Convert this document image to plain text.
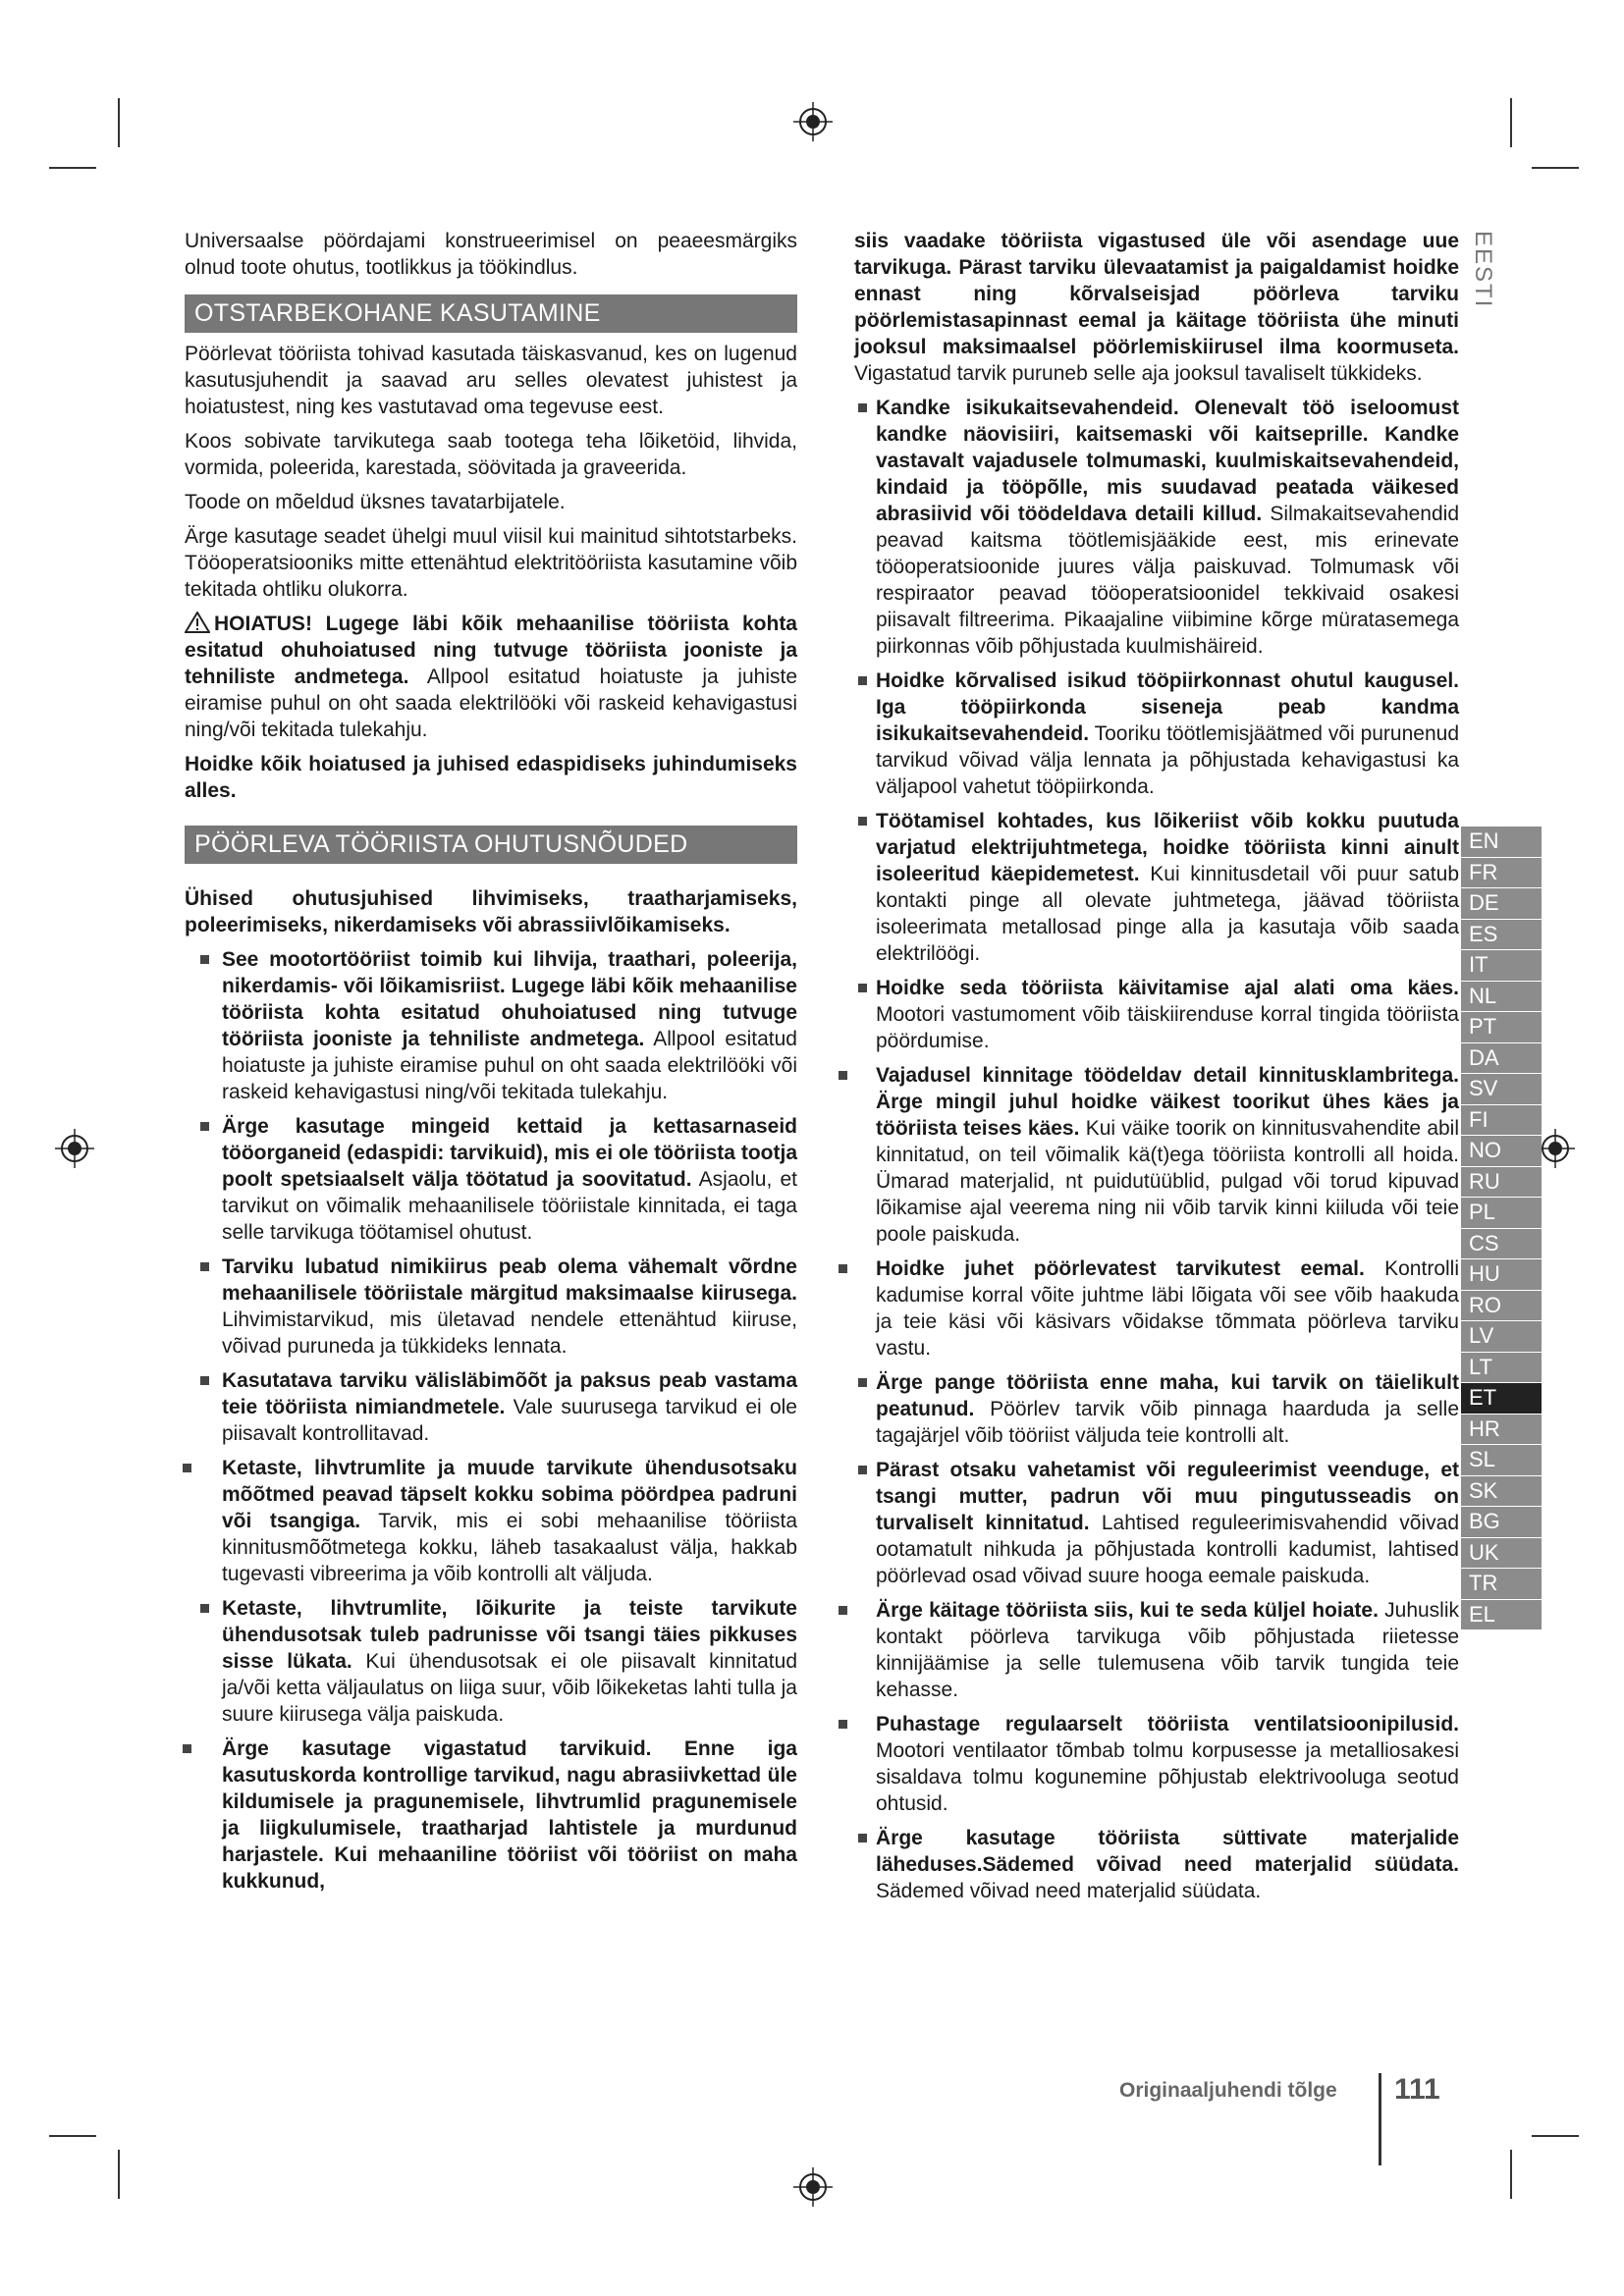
EESTI

Universaalse pöördajami konstrueerimisel on peaeesmärgiks olnud toote ohutus, tootlikkus ja töökindlus.

OTSTARBEKOHANE KASUTAMINE

Pöörlevat tööriista tohivad kasutada täiskasvanud, kes on lugenud kasutusjuhendit ja saavad aru selles olevatest juhistest ja hoiatustest, ning kes vastutavad oma tegevuse eest.

Koos sobivate tarvikutega saab tootega teha lõiketöid, lihvida, vormida, poleerida, karestada, söövitada ja graveerida.

Toode on mõeldud üksnes tavatarbijatele.

Ärge kasutage seadet ühelgi muul viisil kui mainitud sihtotstarbeks. Tööoperatsiooniks mitte ettenähtud elektritööriista kasutamine võib tekitada ohtliku olukorra.

HOIATUS! Lugege läbi kõik mehaanilise tööriista kohta esitatud ohuhoiatused ning tutvuge tööriista jooniste ja tehniliste andmetega. Allpool esitatud hoiatuste ja juhiste eiramise puhul on oht saada elektrilööki või raskeid kehavigastusi ning/või tekitada tulekahju.

Hoidke kõik hoiatused ja juhised edaspidiseks juhindumiseks alles.

PÖÖRLEVA TÖÖRIISTA OHUTUSNÕUDED

Ühised ohutusjuhised lihvimiseks, traatharjamiseks, poleerimiseks, nikerdamiseks või abrassiivlõikamiseks.

See mootortööriist toimib kui lihvija, traathari, poleerija, nikerdamis- või lõikamisriist. Lugege läbi kõik mehaanilise tööriista kohta esitatud ohuhoiatused ning tutvuge tööriista jooniste ja tehniliste andmetega. Allpool esitatud hoiatuste ja juhiste eiramise puhul on oht saada elektrilööki või raskeid kehavigastusi ning/või tekitada tulekahju.
Ärge kasutage mingeid kettaid ja kettasarnaseid tööorganeid (edaspidi: tarvikuid), mis ei ole tööriista tootja poolt spetsiaalselt välja töötatud ja soovitatud. Asjaolu, et tarvikut on võimalik mehaanilisele tööriistale kinnitada, ei taga selle tarvikuga töötamisel ohutust.
Tarviku lubatud nimikiirus peab olema vähemalt võrdne mehaanilisele tööriistale märgitud maksimaalse kiirusega. Lihvimistarvikud, mis ületavad nendele ettenähtud kiiruse, võivad puruneda ja tükkideks lennata.
Kasutatava tarviku välisläbimõõt ja paksus peab vastama teie tööriista nimiandmetele. Vale suurusega tarvikud ei ole piisavalt kontrollitavad.
Ketaste, lihvtrumlite ja muude tarvikute ühendusotsaku mõõtmed peavad täpselt kokku sobima pöördpea padruni või tsangiga. Tarvik, mis ei sobi mehaanilise tööriista kinnitusmõõtmetega kokku, läheb tasakaalust välja, hakkab tugevasti vibreerima ja võib kontrolli alt väljuda.
Ketaste, lihvtrumlite, lõikurite ja teiste tarvikute ühendusotsak tuleb padrunisse või tsangi täies pikkuses sisse lükata. Kui ühendusotsak ei ole piisavalt kinnitatud ja/või ketta väljaulatus on liiga suur, võib lõikeketas lahti tulla ja suure kiirusega välja paiskuda.
Ärge kasutage vigastatud tarvikuid. Enne iga kasutuskorda kontrollige tarvikud, nagu abrasiivkettad üle kildumisele ja pragunemisele, lihvtrumlid pragunemisele ja liigkulumisele, traatharjad lahtistele ja murdunud harjastele. Kui mehaaniline tööriist või tööriist on maha kukkunud,

siis vaadake tööriista vigastused üle või asendage uue tarvikuga. Pärast tarviku ülevaatamist ja paigaldamist hoidke ennast ning kõrvalseisjad pöörleva tarviku pöörlemistasapinnast eemal ja käitage tööriista ühe minuti jooksul maksimaalsel pöörlemiskiirusel ilma koormuseta. Vigastatud tarvik puruneb selle aja jooksul tavaliselt tükkideks.

Kandke isikukaitsevahendeid. Olenevalt töö iseloomust kandke näovisiiri, kaitsemaski või kaitseprille. Kandke vastavalt vajadusele tolmumaski, kuulmiskaitsevahendeid, kindaid ja tööpõlle, mis suudavad peatada väikesed abrasiivid või töödeldava detaili killud. Silmakaitsevahendid peavad kaitsma töötlemisjääkide eest, mis erinevate tööoperatsioonide juures välja paiskuvad. Tolmumask või respiraator peavad tööoperatsioonidel tekkivaid osakesi piisavalt filtreerima. Pikaajaline viibimine kõrge müratasemega piirkonnas võib põhjustada kuulmishäireid.
Hoidke kõrvalised isikud tööpiirkonnast ohutul kaugusel. Iga tööpiirkonda siseneja peab kandma isikukaitsevahendeid. Tooriku töötlemisjäätmed või purunenud tarvikud võivad välja lennata ja põhjustada kehavigastusi ka väljapool vahetut tööpiirkonda.
Töötamisel kohtades, kus lõikeriist võib kokku puutuda varjatud elektrijuhtmetega, hoidke tööriista kinni ainult isoleeritud käepidemetest. Kui kinnitusdetail või puur satub kontakti pinge all olevate juhtmetega, jäävad tööriista isoleerimata metallosad pinge alla ja kasutaja võib saada elektrilöögi.
Hoidke seda tööriista käivitamise ajal alati oma käes. Mootori vastumoment võib täiskiirenduse korral tingida tööriista pöördumise.
Vajadusel kinnitage töödeldav detail kinnitusklambritega. Ärge mingil juhul hoidke väikest toorikut ühes käes ja tööriista teises käes. Kui väike toorik on kinnitusvahendite abil kinnitatud, on teil võimalik kä(t)ega tööriista kontrolli all hoida. Ümarad materjalid, nt puidutüüblid, pulgad või torud kipuvad lõikamise ajal veerema ning nii võib tarvik kinni kiiluda või teie poole paiskuda.
Hoidke juhet pöörlevatest tarvikutest eemal. Kontrolli kadumise korral võite juhtme läbi lõigata või see võib haakuda ja teie käsi või käsivars võidakse tõmmata pöörleva tarviku vastu.
Ärge pange tööriista enne maha, kui tarvik on täielikult peatunud. Pöörlev tarvik võib pinnaga haarduda ja selle tagajärjel võib tööriist väljuda teie kontrolli alt.
Pärast otsaku vahetamist või reguleerimist veenduge, et tsangi mutter, padrun või muu pingutusseadis on turvaliselt kinnitatud. Lahtised reguleerimisvahendid võivad ootamatult nihkuda ja põhjustada kontrolli kadumist, lahtised pöörlevad osad võivad suure hooga eemale paiskuda.
Ärge käitage tööriista siis, kui te seda küljel hoiate. Juhuslik kontakt pöörleva tarvikuga võib põhjustada riietesse kinnijäämise ja selle tulemusena võib tarvik tungida teie kehasse.
Puhastage regulaarselt tööriista ventilatsioonipilusid. Mootori ventilaator tõmbab tolmu korpusesse ja metalliosakesi sisaldava tolmu kogunemine põhjustab elektrivooluga seotud ohtusid.
Ärge kasutage tööriista süttivate materjalide läheduses.Sädemed võivad need materjalid süüdata. Sädemed võivad need materjalid süüdata.
EN
FR
DE
ES
IT
NL
PT
DA
SV
FI
NO
RU
PL
CS
HU
RO
LV
LT
ET
HR
SL
SK
BG
UK
TR
EL
Originaaljuhendi tõlge 111
